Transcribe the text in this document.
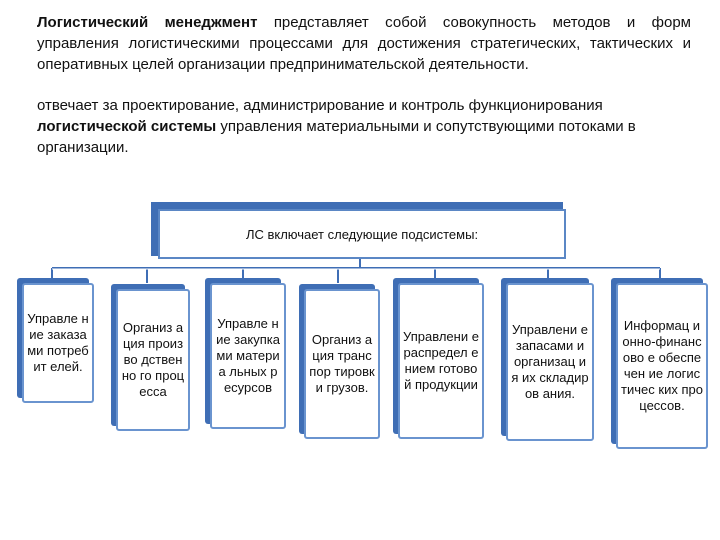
Логистический менеджмент представляет собой совокупность методов и форм управления логистическими процессами для достижения стратегических, тактических и оперативных целей организации предпринимательской деятельности.
отвечает за проектирование, администрирование и контроль функционирования логистической системы управления материальными и сопутствующими потоками в организации.
ЛС включает следующие подсистемы:
Управле ние заказами потребит елей.
Организ ация произво дственно го процесса
Управле ние закупка ми материа льных ресурсов
Организ ация транспор тировки грузов.
Управлени е распредел ением готовой продукции
Управлени е запасами и организац ия их складиров ания.
Информац ионно-финансово е обеспечен ие логистичес ких процессов.
